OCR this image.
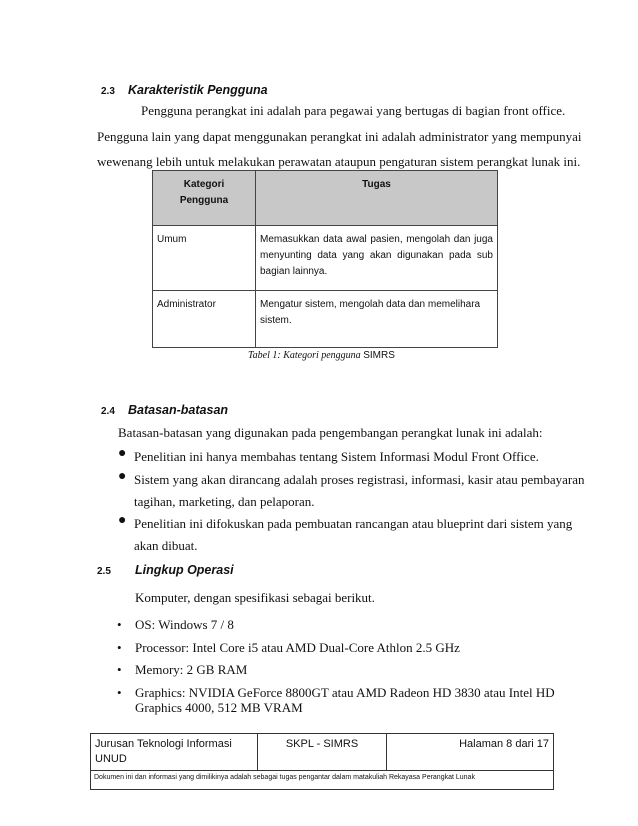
2.3 Karakteristik Pengguna
Pengguna perangkat ini adalah para pegawai yang bertugas di bagian front office.
Pengguna lain yang dapat menggunakan perangkat ini adalah administrator yang mempunyai
wewenang lebih untuk melakukan perawatan ataupun pengaturan sistem perangkat lunak ini.
Kategori
Pengguna	Tugas
Umum	Memasukkan data awal pasien, mengolah dan juga menyunting data yang akan digunakan pada sub bagian lainnya.
Administrator	Mengatur sistem, mengolah data dan memelihara sistem.
Tabel 1: Kategori pengguna SIMRS
2.4 Batasan-batasan
Batasan-batasan yang digunakan pada pengembangan perangkat lunak ini adalah:
● Penelitian ini hanya membahas tentang Sistem Informasi Modul Front Office.
● Sistem yang akan dirancang adalah proses registrasi, informasi, kasir atau pembayaran
tagihan, marketing, dan pelaporan.
● Penelitian ini difokuskan pada pembuatan rancangan atau blueprint dari sistem yang
akan dibuat.
2.5 Lingkup Operasi
Komputer, dengan spesifikasi sebagai berikut.
• OS: Windows 7 / 8
• Processor: Intel Core i5 atau AMD Dual-Core Athlon 2.5 GHz
• Memory: 2 GB RAM
• Graphics: NVIDIA GeForce 8800GT atau AMD Radeon HD 3830 atau Intel HD
Graphics 4000, 512 MB VRAM
Jurusan Teknologi Informasi
UNUD
	SKPL - SIMRS	Halaman 8 dari 17
Dokumen ini dan informasi yang dimilikinya adalah sebagai tugas pengantar dalam matakuliah Rekayasa Perangkat Lunak
